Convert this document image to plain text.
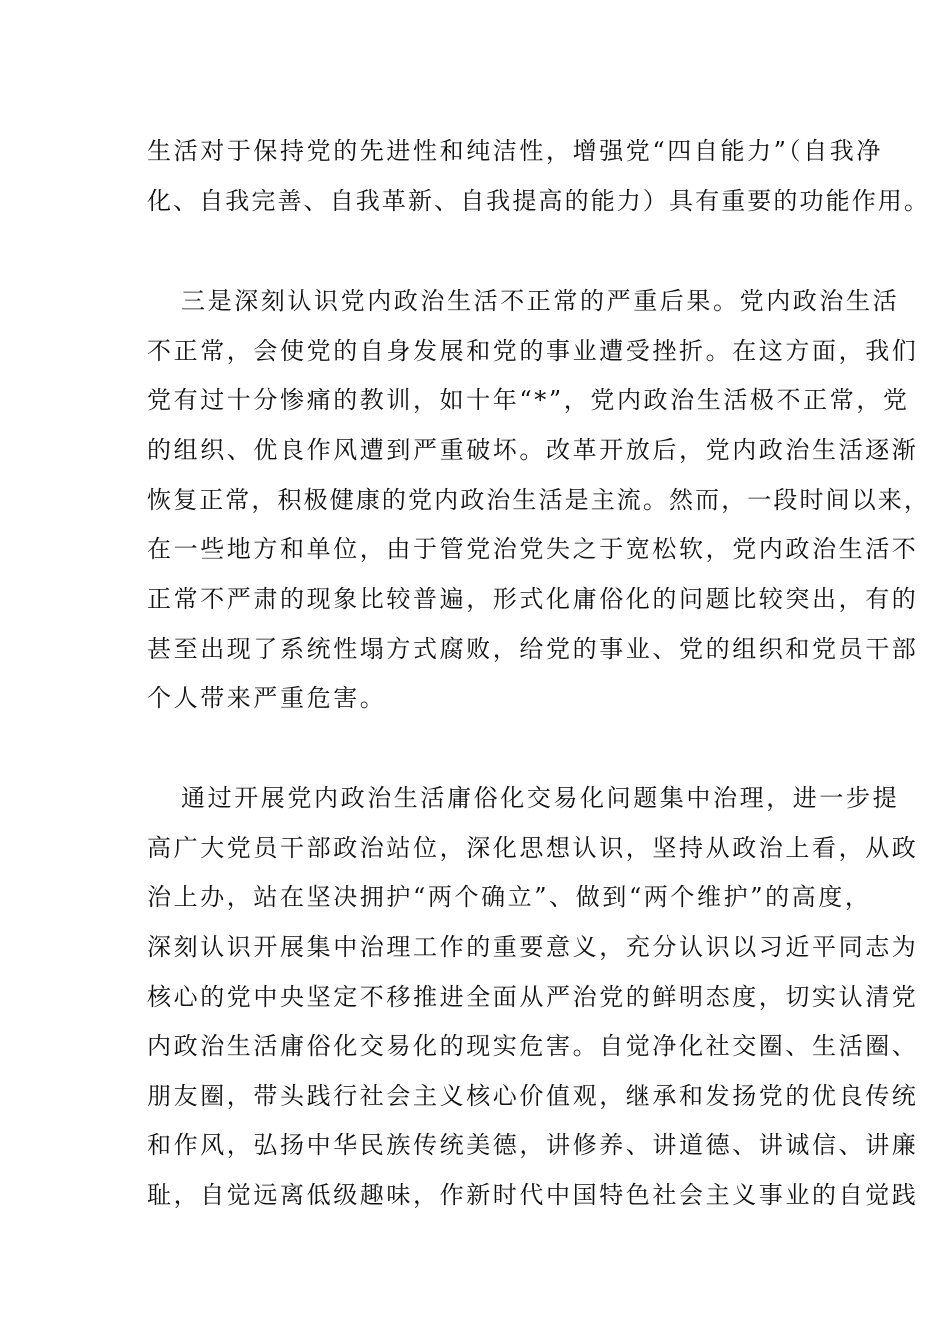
生活对于保持党的先进性和纯洁性，增强党“四自能力”（自我净
化、自我完善、自我革新、自我提高的能力）具有重要的功能作用。
三是深刻认识党内政治生活不正常的严重后果。党内政治生活
不正常，会使党的自身发展和党的事业遭受挫折。在这方面，我们
党有过十分惨痛的教训，如十年“*”，党内政治生活极不正常，党
的组织、优良作风遭到严重破坏。改革开放后，党内政治生活逐渐
恢复正常，积极健康的党内政治生活是主流。然而，一段时间以来，
在一些地方和单位，由于管党治党失之于宽松软，党内政治生活不
正常不严肃的现象比较普遍，形式化庸俗化的问题比较突出，有的
甚至出现了系统性塌方式腐败，给党的事业、党的组织和党员干部
个人带来严重危害。
通过开展党内政治生活庸俗化交易化问题集中治理，进一步提
高广大党员干部政治站位，深化思想认识，坚持从政治上看，从政
治上办，站在坚决拥护“两个确立”、做到“两个维护”的高度，
深刻认识开展集中治理工作的重要意义，充分认识以习近平同志为
核心的党中央坚定不移推进全面从严治党的鲜明态度，切实认清党
内政治生活庸俗化交易化的现实危害。自觉净化社交圈、生活圈、
朋友圈，带头践行社会主义核心价值观，继承和发扬党的优良传统
和作风，弘扬中华民族传统美德，讲修养、讲道德、讲诚信、讲廉
耻，自觉远离低级趣味，作新时代中国特色社会主义事业的自觉践
